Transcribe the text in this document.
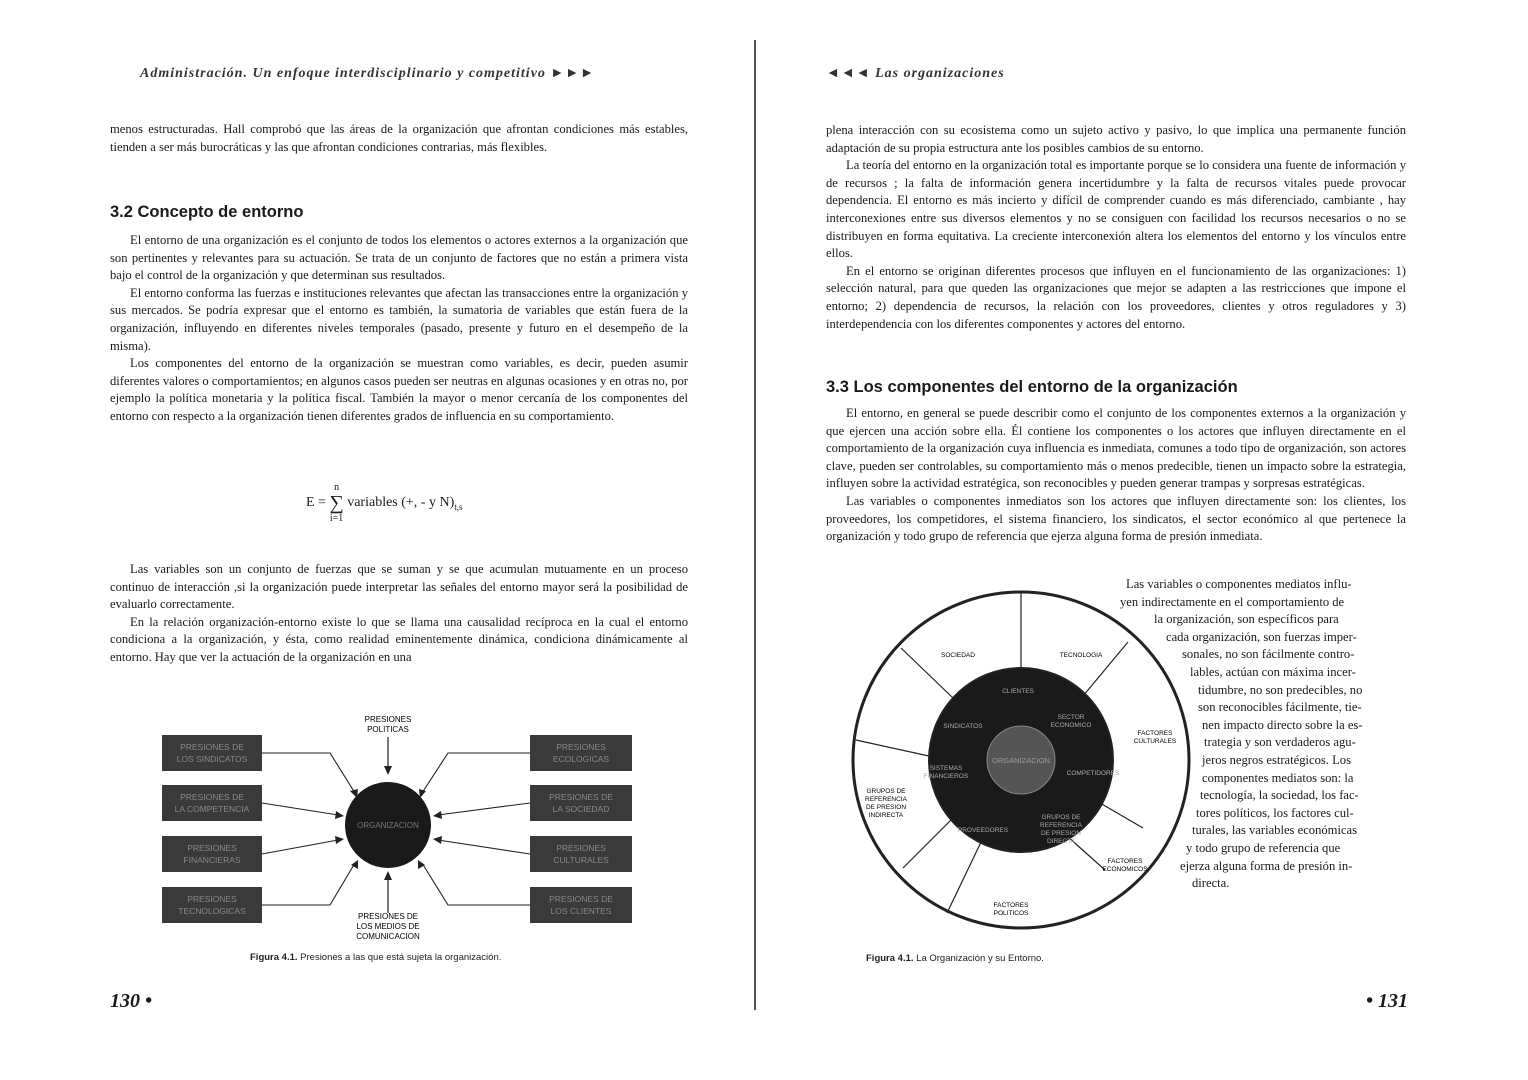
Administración. Un enfoque interdisciplinario y competitivo ►►►

menos estructuradas. Hall comprobó que las áreas de la organización que afrontan condiciones más estables, tienden a ser más burocráticas y las que afrontan condiciones contrarias, más flexibles.

3.2 Concepto de entorno

El entorno de una organización es el conjunto de todos los elementos o actores externos a la organización que son pertinentes y relevantes para su actuación. Se trata de un conjunto de factores que no están a primera vista bajo el control de la organización y que determinan sus resultados.

El entorno conforma las fuerzas e instituciones relevantes que afectan las transacciones entre la organización y sus mercados. Se podría expresar que el entorno es también, la sumatoria de variables que están fuera de la organización, influyendo en diferentes niveles temporales (pasado, presente y futuro en el desempeño de la misma).

Los componentes del entorno de la organización se muestran como variables, es decir, pueden asumir diferentes valores o comportamientos; en algunos casos pueden ser neutras en algunas ocasiones y en otras no, por ejemplo la política monetaria y la política fiscal. También la mayor o menor cercanía de los componentes del entorno con respecto a la organización tienen diferentes grados de influencia en su comportamiento.

E =
n
∑
i=1
variables (+, - y $N)_{t,s}$

Las variables son un conjunto de fuerzas que se suman y se que acumulan mutuamente en un proceso continuo de interacción ,si la organización puede interpretar las señales del entorno mayor será la posibilidad de evaluarlo correctamente.

En la relación organización-entorno existe lo que se llama una causalidad recíproca en la cual el entorno condiciona a la organización, y ésta, como realidad eminentemente dinámica, condiciona dinámicamente al entorno. Hay que ver la actuación de la organización en una

PRESIONES
POLITICAS
ORGANIZACION
PRESIONES DE
LOS MEDIOS DE
COMUNICACION
PRESIONES DE
LOS SINDICATOS
PRESIONES DE
LA COMPETENCIA
PRESIONES
FINANCIERAS
PRESIONES
TECNOLOGICAS
PRESIONES
ECOLOGICAS
PRESIONES DE
LA SOCIEDAD
PRESIONES
CULTURALES
PRESIONES DE
LOS CLIENTES
Figura 4.1. Presiones a las que está sujeta la organización.
130 •
◄◄◄ Las organizaciones

plena interacción con su ecosistema como un sujeto activo y pasivo, lo que implica una permanente función adaptación de su propia estructura ante los posibles cambios de su entorno.

La teoría del entorno en la organización total es importante porque se lo considera una fuente de información y de recursos ; la falta de información genera incertidumbre y la falta de recursos vitales puede provocar dependencia. El entorno es más incierto y difícil de comprender cuando es más diferenciado, cambiante , hay interconexiones entre sus diversos elementos y no se consiguen con facilidad los recursos necesarios o no se distribuyen en forma equitativa. La creciente interconexión altera los elementos del entorno y los vínculos entre ellos.

En el entorno se originan diferentes procesos que influyen en el funcionamiento de las organizaciones: 1) selección natural, para que queden las organizaciones que mejor se adapten a las restricciones que impone el entorno; 2) dependencia de recursos, la relación con los proveedores, clientes y otros reguladores y 3) interdependencia con los diferentes componentes y actores del entorno.

3.3 Los componentes del entorno de la organización

El entorno, en general se puede describir como el conjunto de los componentes externos a la organización y que ejercen una acción sobre ella. Él contiene los componentes o los actores que influyen directamente en el comportamiento de la organización cuya influencia es inmediata, comunes a todo tipo de organización, son actores clave, pueden ser controlables, su comportamiento más o menos predecible, tienen un impacto sobre la estrategia, influyen sobre la actividad estratégica, son reconocibles y pueden generar trampas y sorpresas estratégicas.

Las variables o componentes inmediatos son los actores que influyen directamente son: los clientes, los proveedores, los competidores, el sistema financiero, los sindicatos, el sector económico al que pertenece la organización y todo grupo de referencia que ejerza alguna forma de presión inmediata.

Las variables o componentes mediatos influ-
yen indirectamente en el comportamiento de
la organización, son específicos para
cada organización, son fuerzas imper-
sonales, no son fácilmente contro-
lables, actúan con máxima incer-
tidumbre, no son predecibles, no
son reconocibles fácilmente, tie-
nen impacto directo sobre la es-
trategia y son verdaderos agu-
jeros negros estratégicos. Los
componentes mediatos son: la
tecnología, la sociedad, los fac-
tores políticos, los factores cul-
turales, las variables económicas
y todo grupo de referencia que
ejerza alguna forma de presión in-
directa.
ORGANIZACION
SOCIEDAD	TECNOLOGIA
FACTORES
CULTURALES
GRUPOS DE
REFERENCIA
DE PRESION
INDIRECTA
FACTORES
ECONOMICOS
FACTORES
POLITICOS
CLIENTES
SINDICATOS
SECTOR
ECONOMICO
SISTEMAS
FINANCIEROS	COMPETIDORES
PROVEEDORES
GRUPOS DE
REFERENCIA
DE PRESION
DIRECTA
Figura 4.1. La Organización y su Entorno.
• 131
